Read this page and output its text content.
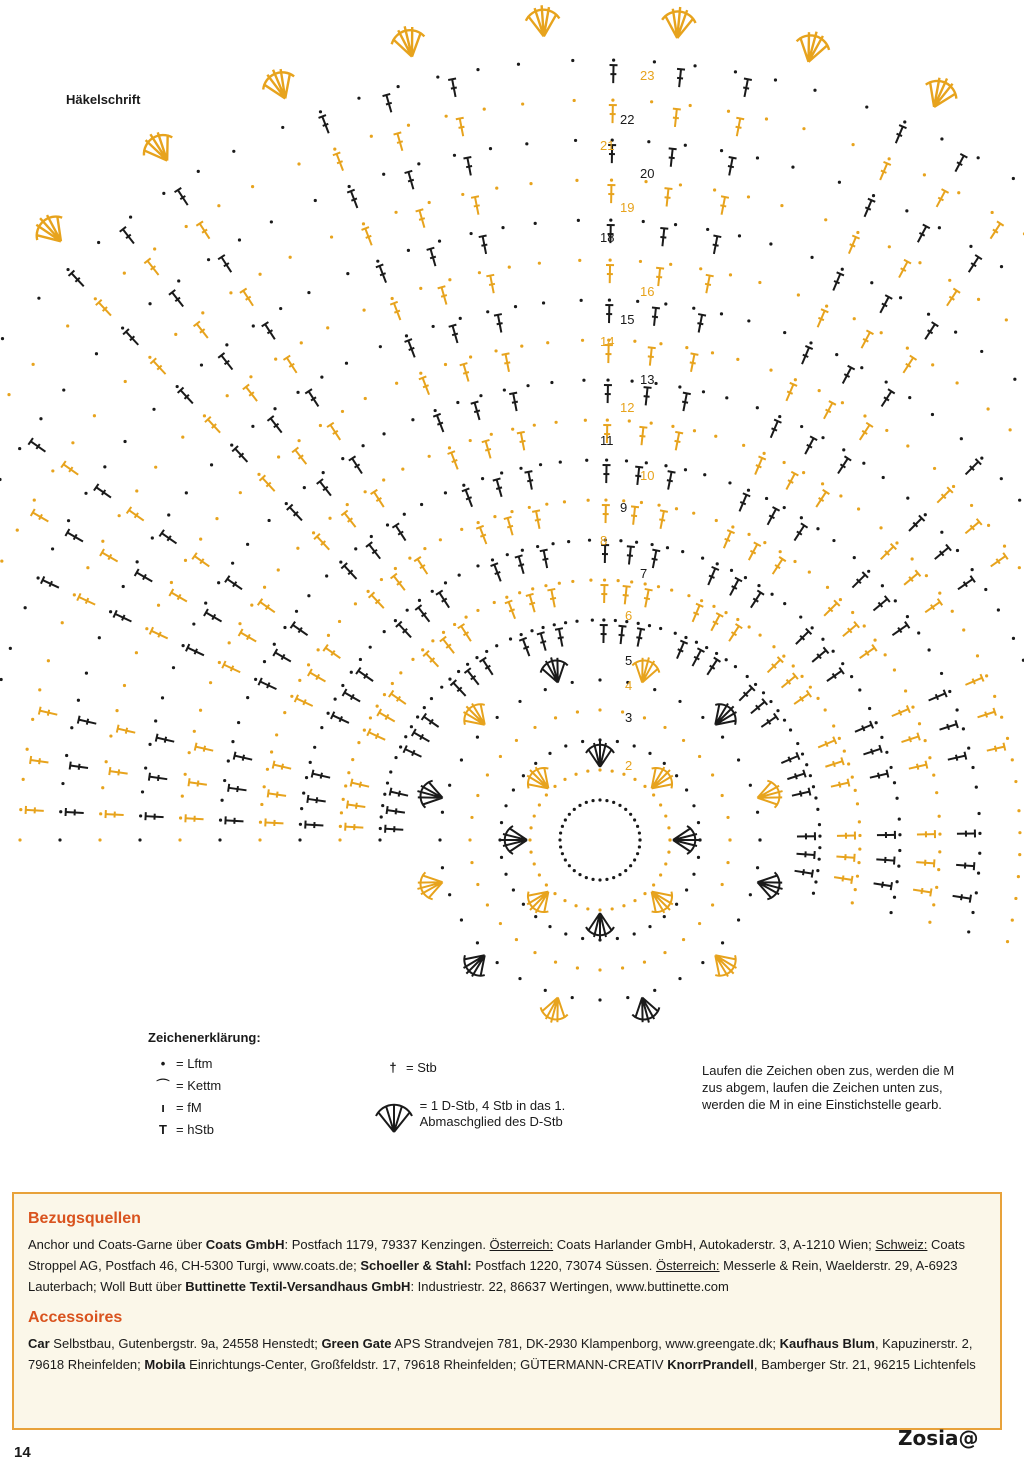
2
3
4
5
6
7
8
9
10
11
12
13
14
15
16
18
19
20
21
22
23
Häkelschrift
Zeichenerklärung:
• = Lftm
⌒ = Kettm
ı = fM
T = hStb
† = Stb
= 1 D-Stb, 4 Stb in das 1.
Abmaschglied des D-Stb
Laufen die Zeichen oben zus, werden die M zus abgem, laufen die Zeichen unten zus, werden die M in eine Einstichstelle gearb.
Bezugsquellen

Anchor und Coats-Garne über Coats GmbH: Postfach 1179, 79337 Kenzingen. Österreich: Coats Harlander GmbH, Autokaderstr. 3, A-1210 Wien; Schweiz: Coats Stroppel AG, Postfach 46, CH-5300 Turgi, www.coats.de; Schoeller & Stahl: Postfach 1220, 73074 Süssen. Österreich: Messerle & Rein, Waelderstr. 29, A-6923 Lauterbach; Woll Butt über Buttinette Textil-Versandhaus GmbH: Industriestr. 22, 86637 Wertingen, www.buttinette.com

Accessoires

Car Selbstbau, Gutenbergstr. 9a, 24558 Henstedt; Green Gate APS Strandvejen 781, DK-2930 Klampenborg, www.greengate.dk; Kaufhaus Blum, Kapuzinerstr. 2, 79618 Rheinfelden; Mobila Einrichtungs-Center, Großfeldstr. 17, 79618 Rheinfelden; GÜTERMANN-CREATIV KnorrPrandell, Bamberger Str. 21, 96215 Lichtenfels

14
Zosia@
